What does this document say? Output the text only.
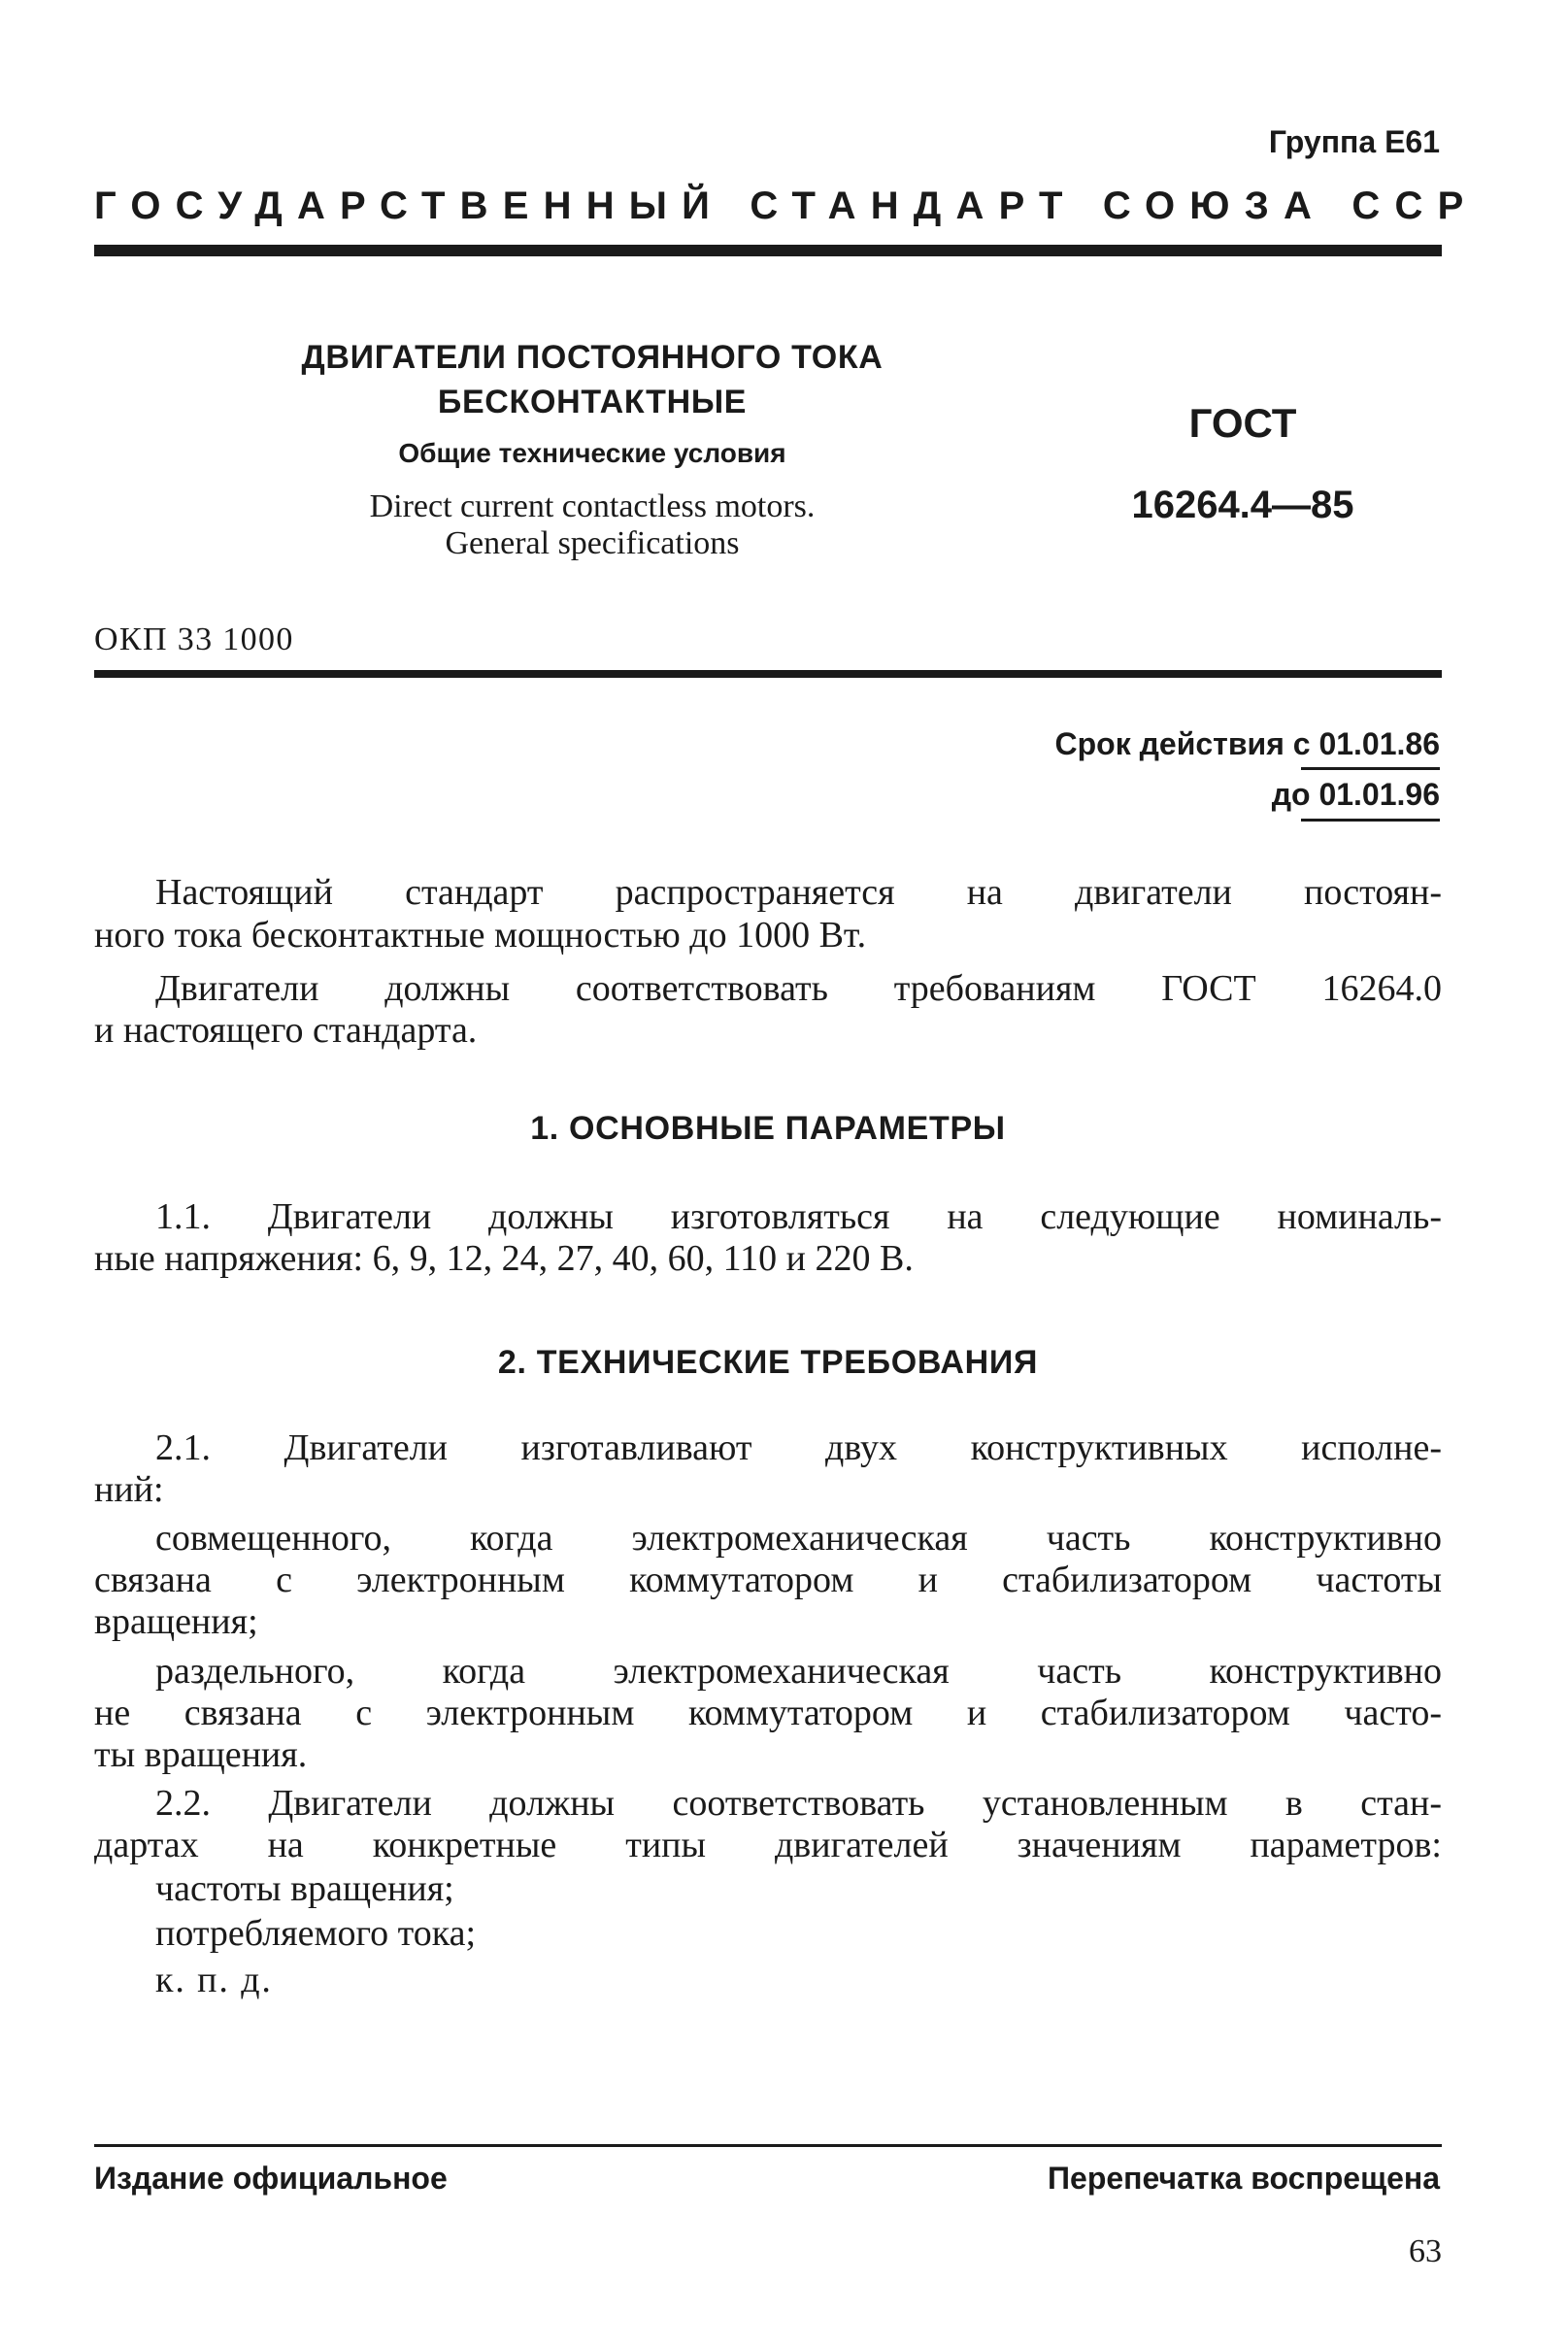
Группа Е61
ГОСУДАРСТВЕННЫЙ СТАНДАРТ СОЮЗА ССР
ДВИГАТЕЛИ ПОСТОЯННОГО ТОКА
БЕСКОНТАКТНЫЕ
Общие технические условия
Direct current contactless motors.
General specifications
ГОСТ
16264.4—85
ОКП 33 1000
Срок действия с 01.01.86
до 01.01.96
Настоящий стандарт распространяется на двигатели постоян-
ного тока бесконтактные мощностью до 1000 Вт.
Двигатели должны соответствовать требованиям ГОСТ 16264.0
и настоящего стандарта.
1. ОСНОВНЫЕ ПАРАМЕТРЫ
1.1. Двигатели должны изготовляться на следующие номиналь-
ные напряжения: 6, 9, 12, 24, 27, 40, 60, 110 и 220 В.
2. ТЕХНИЧЕСКИЕ ТРЕБОВАНИЯ
2.1. Двигатели изготавливают двух конструктивных исполне-
ний:
совмещенного, когда электромеханическая часть конструктивно
связана с электронным коммутатором и стабилизатором частоты
вращения;
раздельного, когда электромеханическая часть конструктивно
не связана с электронным коммутатором и стабилизатором часто-
ты вращения.
2.2. Двигатели должны соответствовать установленным в стан-
дартах на конкретные типы двигателей значениям параметров:
частоты вращения;
потребляемого тока;
к. п. д.
Издание официальное	Перепечатка воспрещена
63
